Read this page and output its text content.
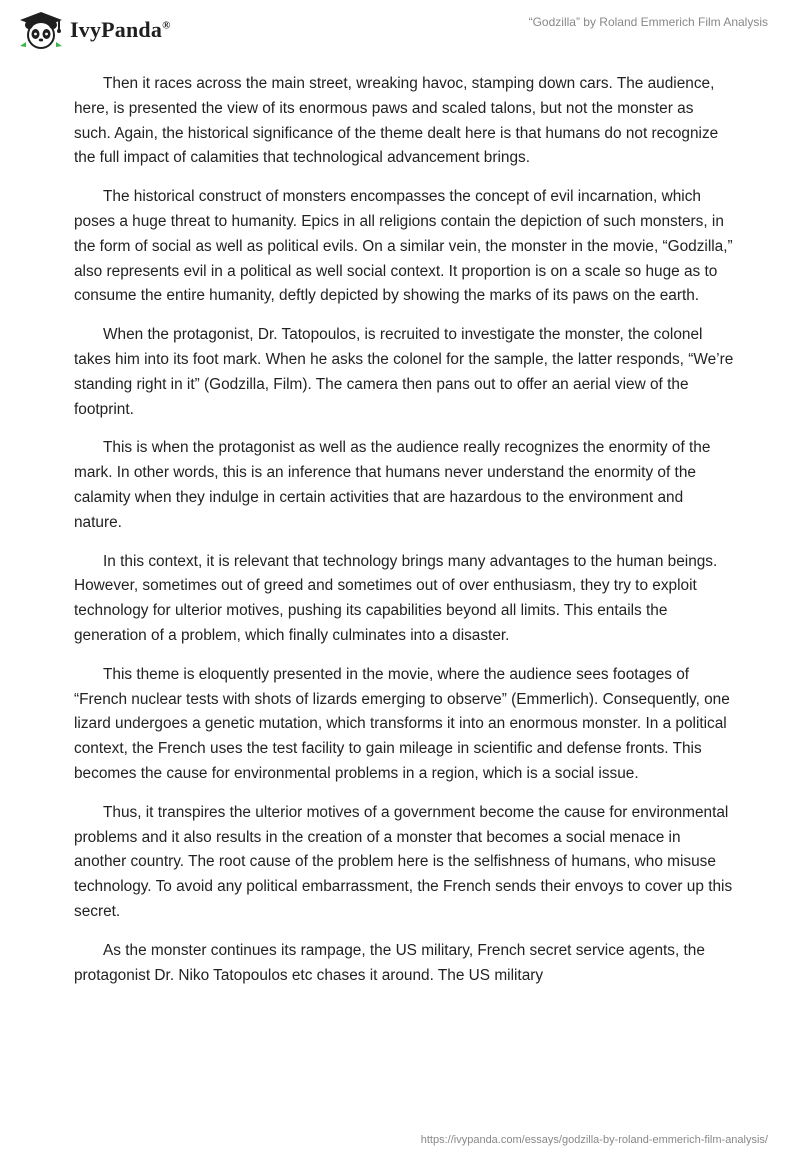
IvyPanda®	“Godzilla” by Roland Emmerich Film Analysis

Then it races across the main street, wreaking havoc, stamping down cars. The audience, here, is presented the view of its enormous paws and scaled talons, but not the monster as such. Again, the historical significance of the theme dealt here is that humans do not recognize the full impact of calamities that technological advancement brings.

The historical construct of monsters encompasses the concept of evil incarnation, which poses a huge threat to humanity. Epics in all religions contain the depiction of such monsters, in the form of social as well as political evils. On a similar vein, the monster in the movie, “Godzilla,” also represents evil in a political as well social context. It proportion is on a scale so huge as to consume the entire humanity, deftly depicted by showing the marks of its paws on the earth.

When the protagonist, Dr. Tatopoulos, is recruited to investigate the monster, the colonel takes him into its foot mark. When he asks the colonel for the sample, the latter responds, “We’re standing right in it” (Godzilla, Film). The camera then pans out to offer an aerial view of the footprint.

This is when the protagonist as well as the audience really recognizes the enormity of the mark. In other words, this is an inference that humans never understand the enormity of the calamity when they indulge in certain activities that are hazardous to the environment and nature.

In this context, it is relevant that technology brings many advantages to the human beings. However, sometimes out of greed and sometimes out of over enthusiasm, they try to exploit technology for ulterior motives, pushing its capabilities beyond all limits. This entails the generation of a problem, which finally culminates into a disaster.

This theme is eloquently presented in the movie, where the audience sees footages of “French nuclear tests with shots of lizards emerging to observe” (Emmerlich). Consequently, one lizard undergoes a genetic mutation, which transforms it into an enormous monster. In a political context, the French uses the test facility to gain mileage in scientific and defense fronts. This becomes the cause for environmental problems in a region, which is a social issue.

Thus, it transpires the ulterior motives of a government become the cause for environmental problems and it also results in the creation of a monster that becomes a social menace in another country. The root cause of the problem here is the selfishness of humans, who misuse technology. To avoid any political embarrassment, the French sends their envoys to cover up this secret.

As the monster continues its rampage, the US military, French secret service agents, the protagonist Dr. Niko Tatopoulos etc chases it around. The US military

https://ivypanda.com/essays/godzilla-by-roland-emmerich-film-analysis/
